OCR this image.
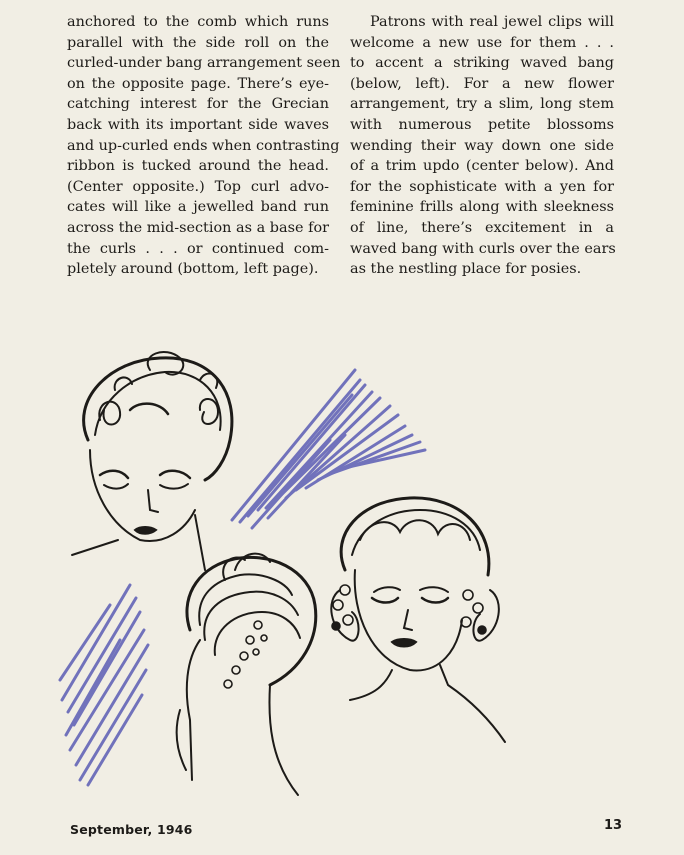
anchored to the comb which runs
parallel with the side roll on the
curled-under bang arrangement seen
on the opposite page. There’s eye-
catching interest for the Grecian
back with its important side waves
and up-curled ends when contrasting
ribbon is tucked around the head.
(Center opposite.) Top curl advo-
cates will like a jewelled band run
across the mid-section as a base for
the curls . . . or continued com-
pletely around (bottom, left page).
Patrons with real jewel clips will
welcome a new use for them . . .
to accent a striking waved bang
(below, left). For a new flower
arrangement, try a slim, long stem
with numerous petite blossoms
wending their way down one side
of a trim updo (center below). And
for the sophisticate with a yen for
feminine frills along with sleekness
of line, there’s excitement in a
waved bang with curls over the ears
as the nestling place for posies.
September, 1946	13
